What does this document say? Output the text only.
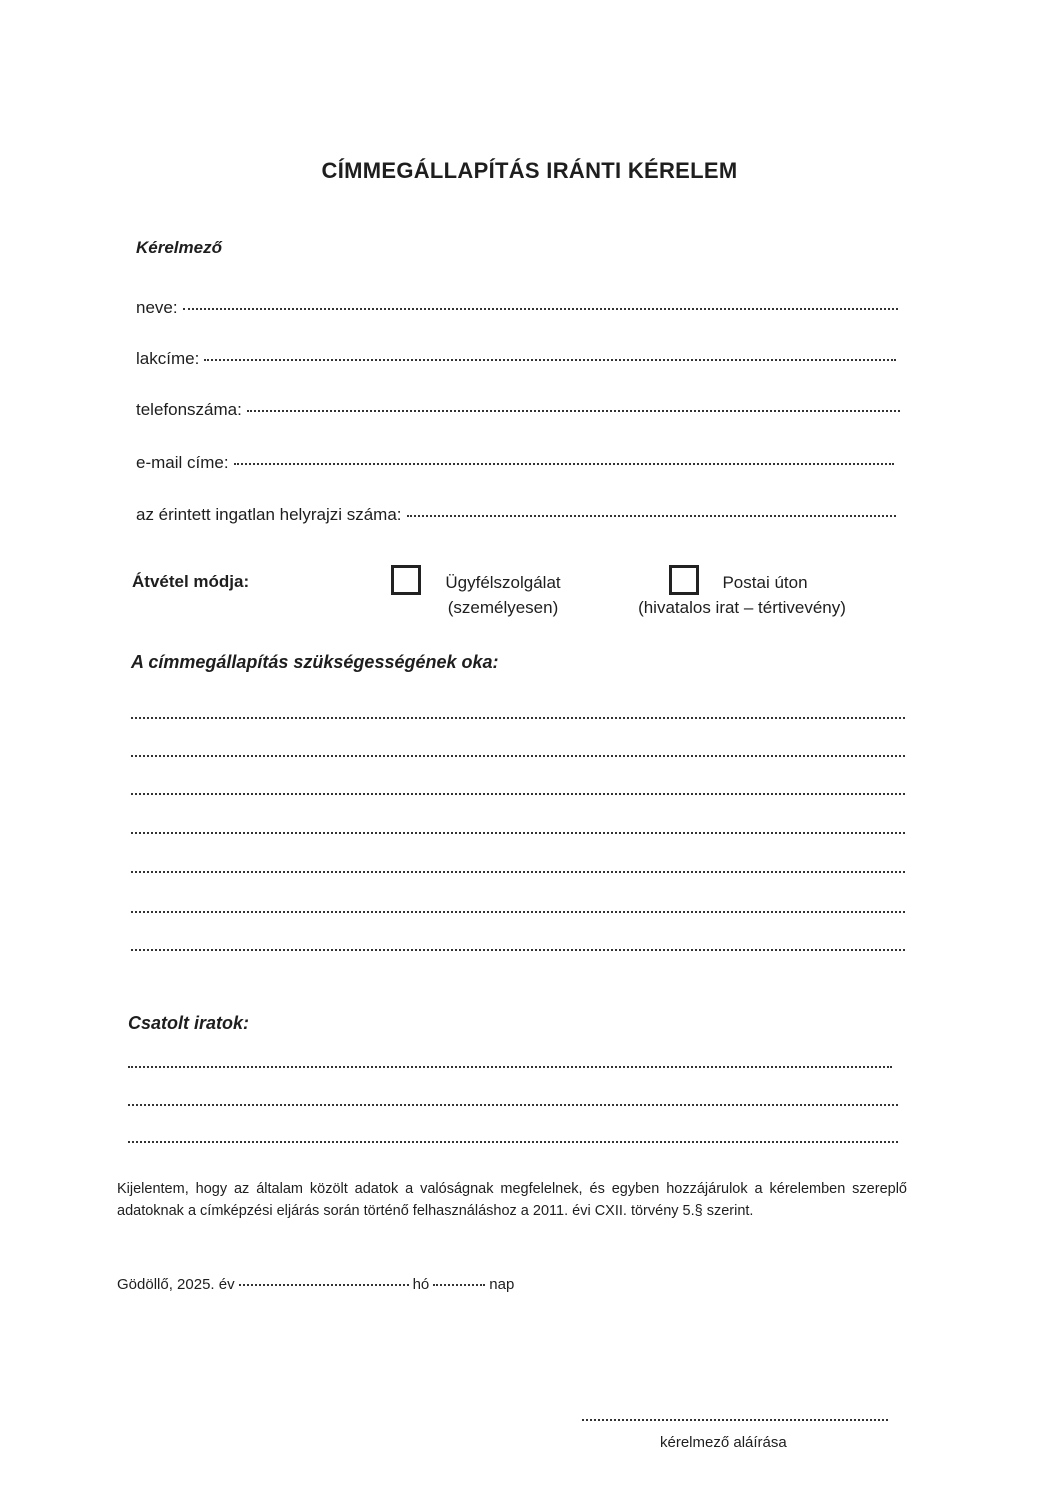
CÍMMEGÁLLAPÍTÁS IRÁNTI KÉRELEM
Kérelmező
neve:
lakcíme:
telefonszáma:
e-mail címe:
az érintett ingatlan helyrajzi száma:
Átvétel módja:	Ügyfélszolgálat
(személyesen)
Postai úton
(hivatalos irat – tértivevény)
A címmegállapítás szükségességének oka:
Csatolt iratok:
Kijelentem, hogy az általam közölt adatok a valóságnak megfelelnek, és egyben hozzájárulok a kérelemben szereplő adatoknak a címképzési eljárás során történő felhasználáshoz a 2011. évi CXII. törvény 5.§ szerint.
Gödöllő, 2025. év	hó	nap
kérelmező aláírása
